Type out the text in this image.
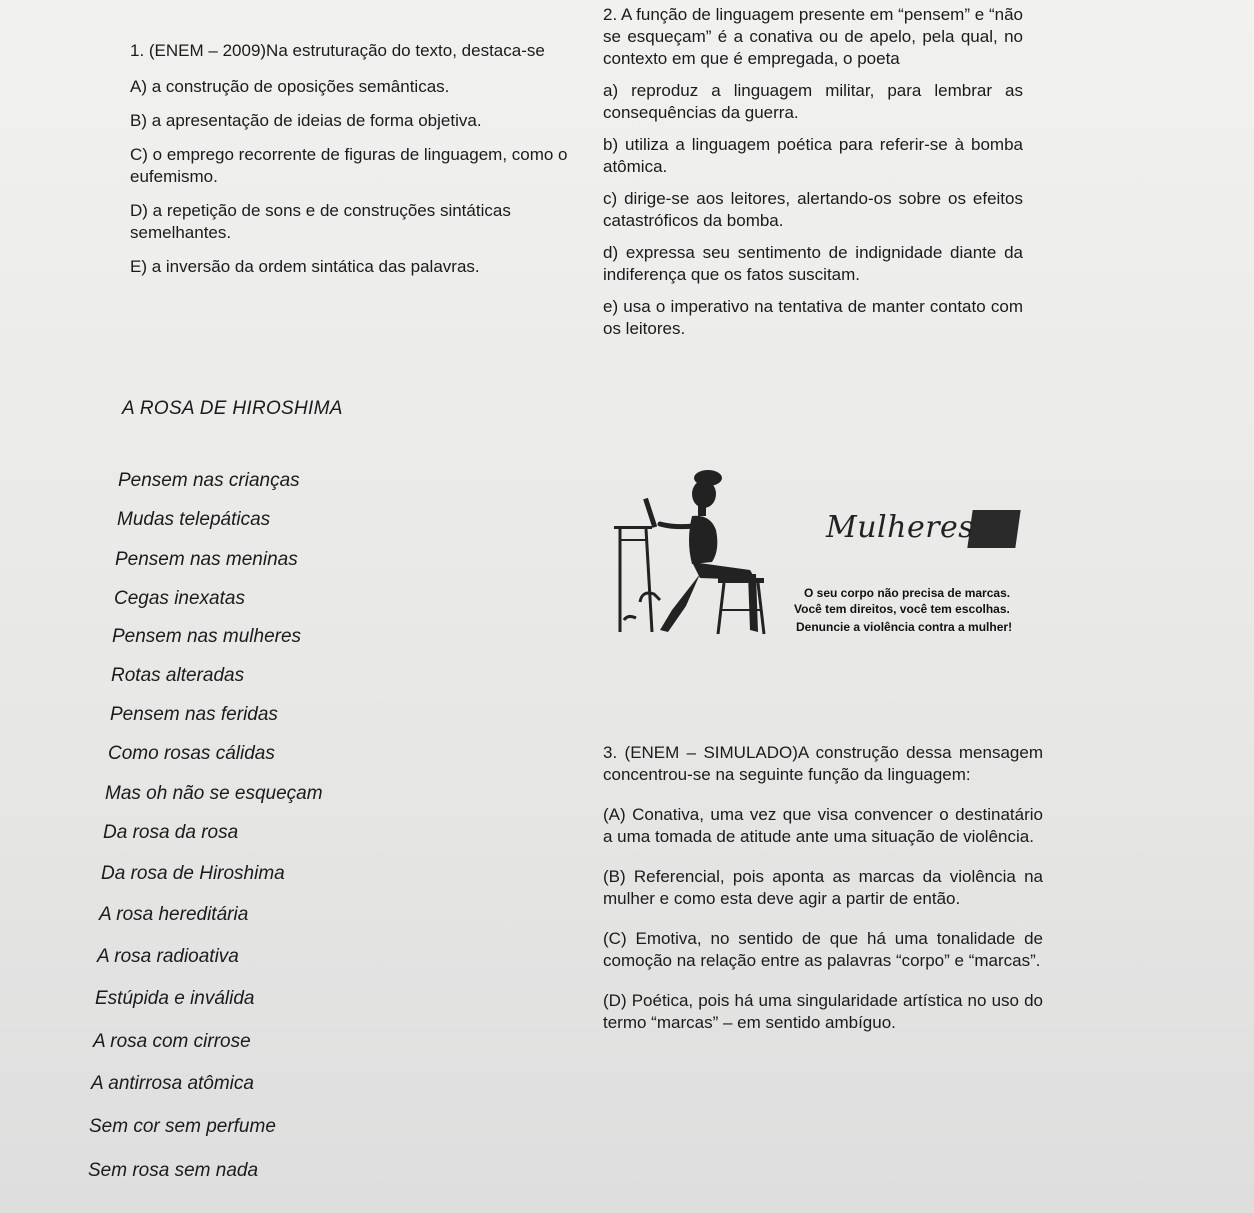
1. (ENEM – 2009)Na estruturação do texto, destaca-se

A) a construção de oposições semânticas.

B) a apresentação de ideias de forma objetiva.

C) o emprego recorrente de figuras de linguagem, como o eufemismo.

D) a repetição de sons e de construções sintáticas semelhantes.

E) a inversão da ordem sintática das palavras.

2. A função de linguagem presente em “pensem” e “não se esqueçam” é a conativa ou de apelo, pela qual, no contexto em que é empregada, o poeta

a) reproduz a linguagem militar, para lembrar as consequências da guerra.

b) utiliza a linguagem poética para referir-se à bomba atômica.

c) dirige-se aos leitores, alertando-os sobre os efeitos catastróficos da bomba.

d) expressa seu sentimento de indignidade diante da indiferença que os fatos suscitam.

e) usa o imperativo na tentativa de manter contato com os leitores.

A ROSA DE HIROSHIMA
Pensem nas crianças
Mudas telepáticas
Pensem nas meninas
Cegas inexatas
Pensem nas mulheres
Rotas alteradas
Pensem nas feridas
Como rosas cálidas
Mas oh não se esqueçam
Da rosa da rosa
Da rosa de Hiroshima
A rosa hereditária
A rosa radioativa
Estúpida e inválida
A rosa com cirrose
A antirrosa atômica
Sem cor sem perfume
Sem rosa sem nada
Mulheres
O seu corpo não precisa de marcas.
Você tem direitos, você tem escolhas.
Denuncie a violência contra a mulher!

3. (ENEM – SIMULADO)A construção dessa mensagem concentrou-se na seguinte função da linguagem:

(A) Conativa, uma vez que visa convencer o destinatário a uma tomada de atitude ante uma situação de violência.

(B) Referencial, pois aponta as marcas da violência na mulher e como esta deve agir a partir de então.

(C) Emotiva, no sentido de que há uma tonalidade de comoção na relação entre as palavras “corpo” e “marcas”.

(D) Poética, pois há uma singularidade artística no uso do termo “marcas” – em sentido ambíguo.
